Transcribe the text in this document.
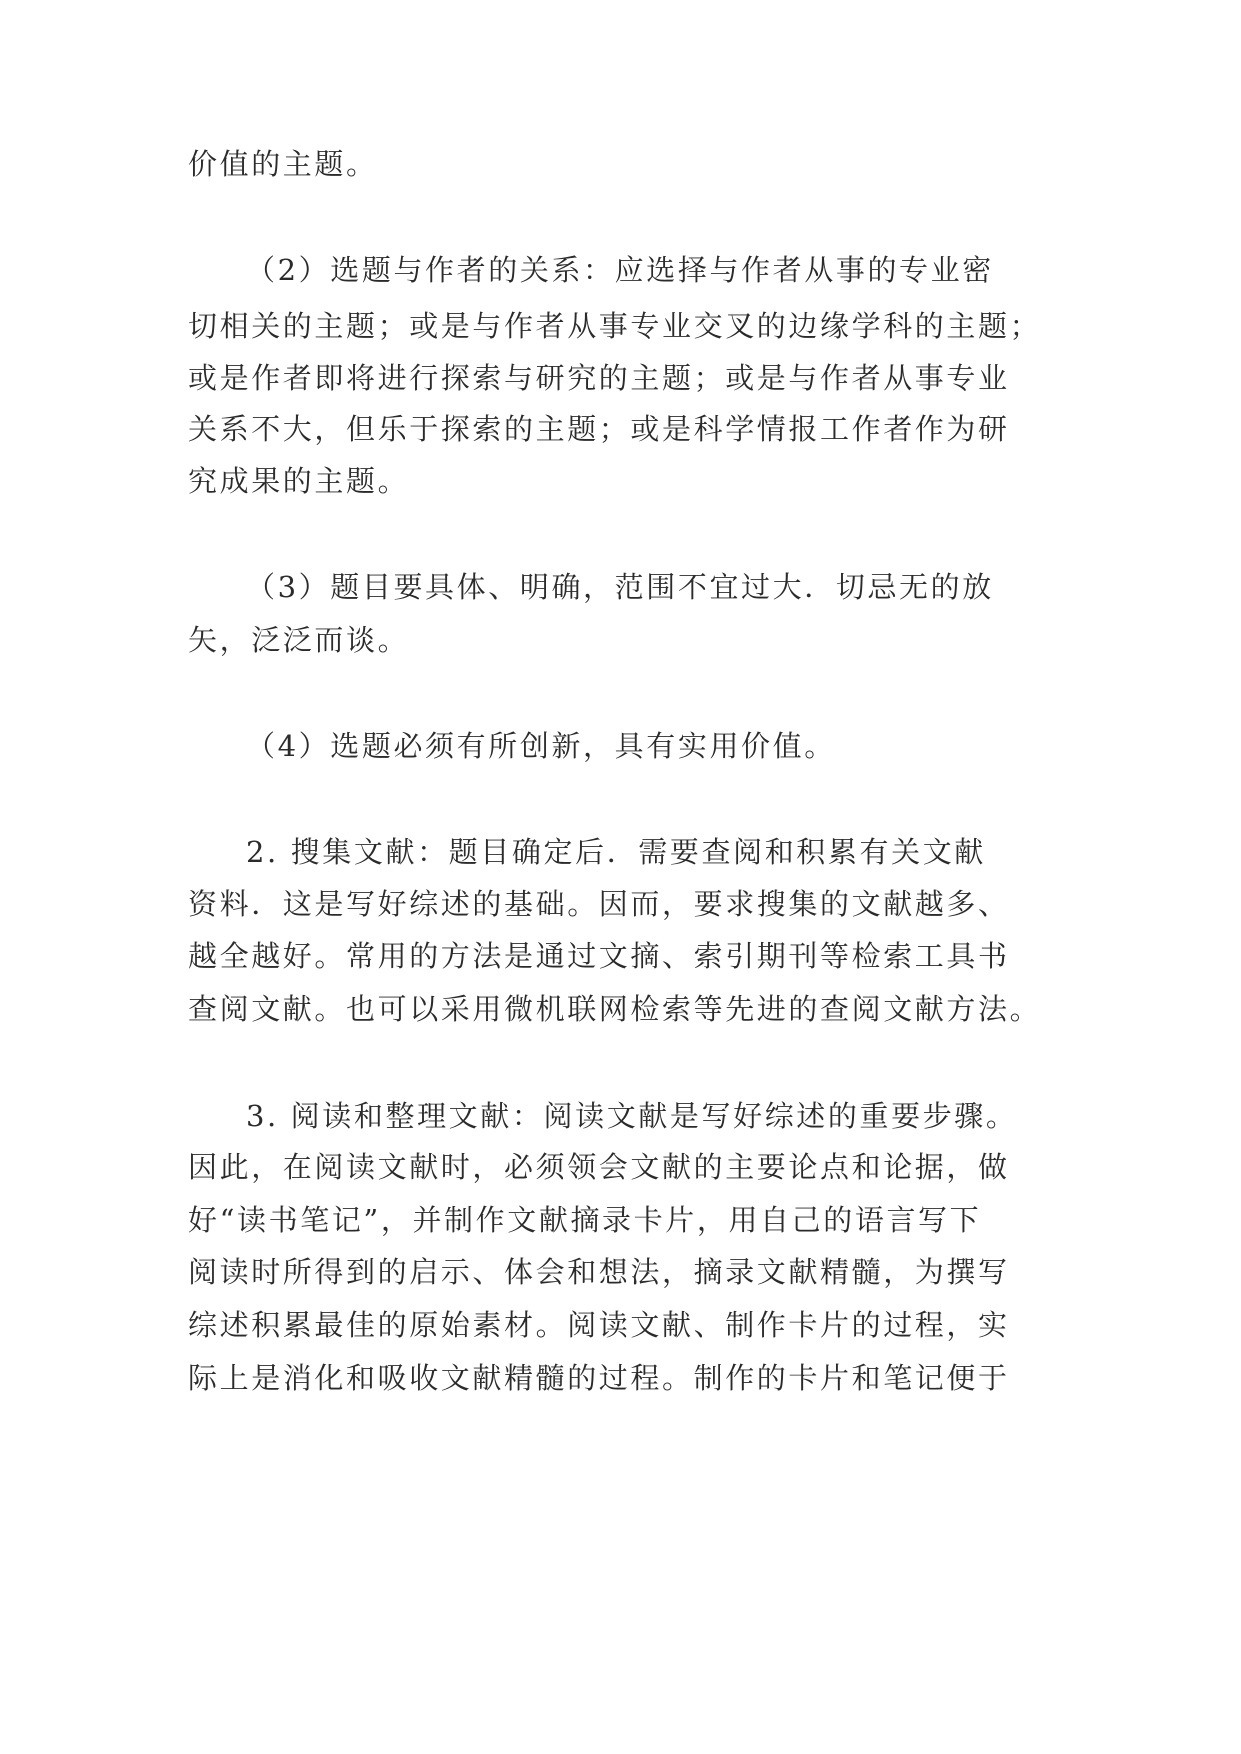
价值的主题。

（2）选题与作者的关系：应选择与作者从事的专业密

切相关的主题；或是与作者从事专业交叉的边缘学科的主题；

或是作者即将进行探索与研究的主题；或是与作者从事专业

关系不大，但乐于探索的主题；或是科学情报工作者作为研

究成果的主题。

（3）题目要具体、明确，范围不宜过大．切忌无的放

矢，泛泛而谈。

（4）选题必须有所创新，具有实用价值。

2. 搜集文献：题目确定后．需要查阅和积累有关文献

资料．这是写好综述的基础。因而，要求搜集的文献越多、

越全越好。常用的方法是通过文摘、索引期刊等检索工具书

查阅文献。也可以采用微机联网检索等先进的查阅文献方法。

3. 阅读和整理文献：阅读文献是写好综述的重要步骤。

因此，在阅读文献时，必须领会文献的主要论点和论据，做

好“读书笔记”，并制作文献摘录卡片，用自己的语言写下

阅读时所得到的启示、体会和想法，摘录文献精髓，为撰写

综述积累最佳的原始素材。阅读文献、制作卡片的过程，实

际上是消化和吸收文献精髓的过程。制作的卡片和笔记便于
